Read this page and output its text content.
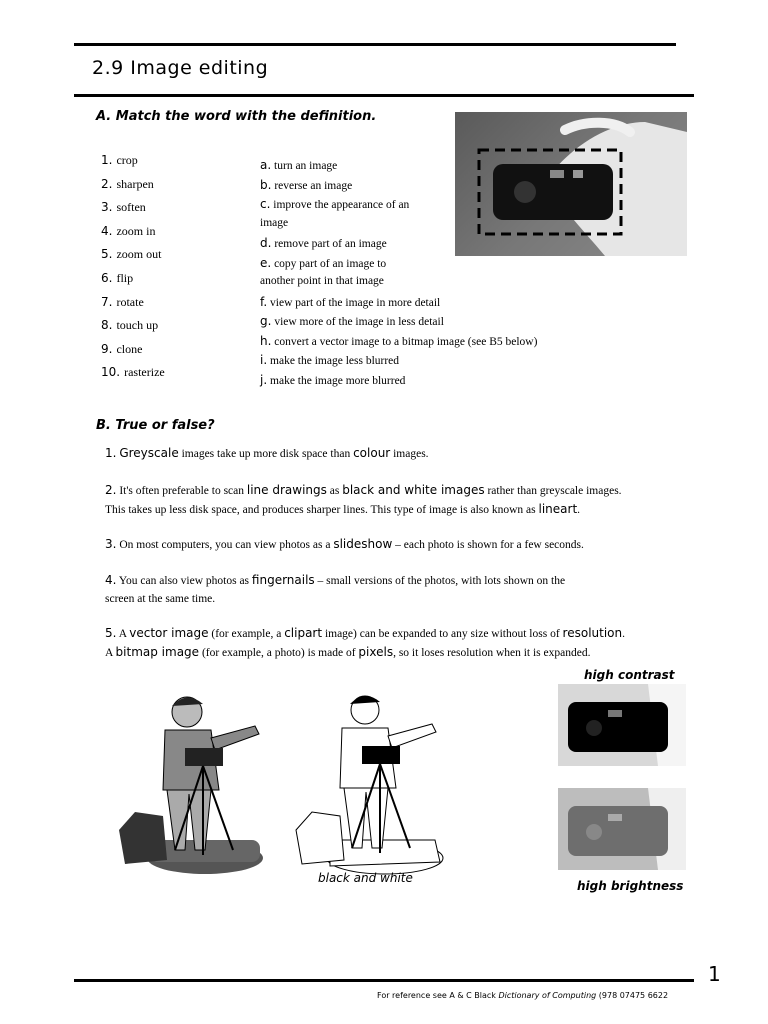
2.9 Image editing
A. Match the word with the definition.
1. crop
2. sharpen
3. soften
4. zoom in
5. zoom out
6. flip
7. rotate
8. touch up
9. clone
10. rasterize
a. turn an image
b. reverse an image
c. improve the appearance of an
image
d. remove part of an image
e. copy part of an image to
another point in that image
f. view part of the image in more detail
g. view more of the image in less detail
h. convert a vector image to a bitmap image (see B5 below)
i. make the image less blurred
j. make the image more blurred
B. True or false?
1. Greyscale images take up more disk space than colour images.
2. It's often preferable to scan line drawings as black and white images rather than greyscale images.
This takes up less disk space, and produces sharper lines. This type of image is also known as lineart.
3. On most computers, you can view photos as a slideshow – each photo is shown for a few seconds.
4. You can also view photos as fingernails – small versions of the photos, with lots shown on the
screen at the same time.
5. A vector image (for example, a clipart image) can be expanded to any size without loss of resolution.
A bitmap image (for example, a photo) is made of pixels, so it loses resolution when it is expanded.
black and white
high contrast
high brightness
1
For reference see A & C Black Dictionary of Computing (978 07475 6622
